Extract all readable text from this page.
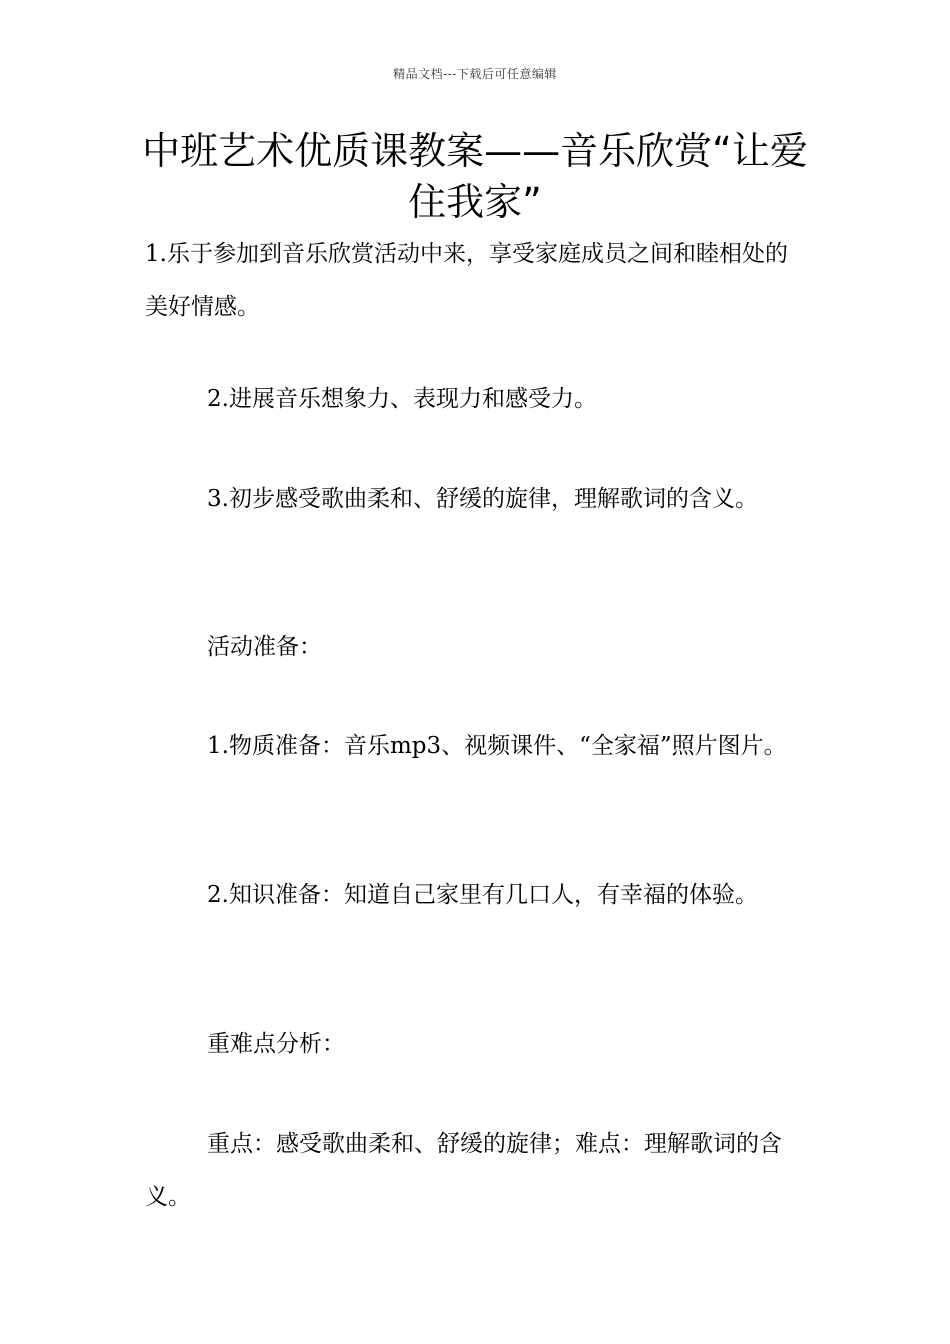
精品文档---下载后可任意编辑
中班艺术优质课教案——音乐欣赏“让爱住我家”

1.乐于参加到音乐欣赏活动中来，享受家庭成员之间和睦相处的美好情感。

2.进展音乐想象力、表现力和感受力。

3.初步感受歌曲柔和、舒缓的旋律，理解歌词的含义。

活动准备：

1.物质准备：音乐mp3、视频课件、“全家福”照片图片。

2.知识准备：知道自己家里有几口人，有幸福的体验。

重难点分析：

重点：感受歌曲柔和、舒缓的旋律；难点：理解歌词的含义。
